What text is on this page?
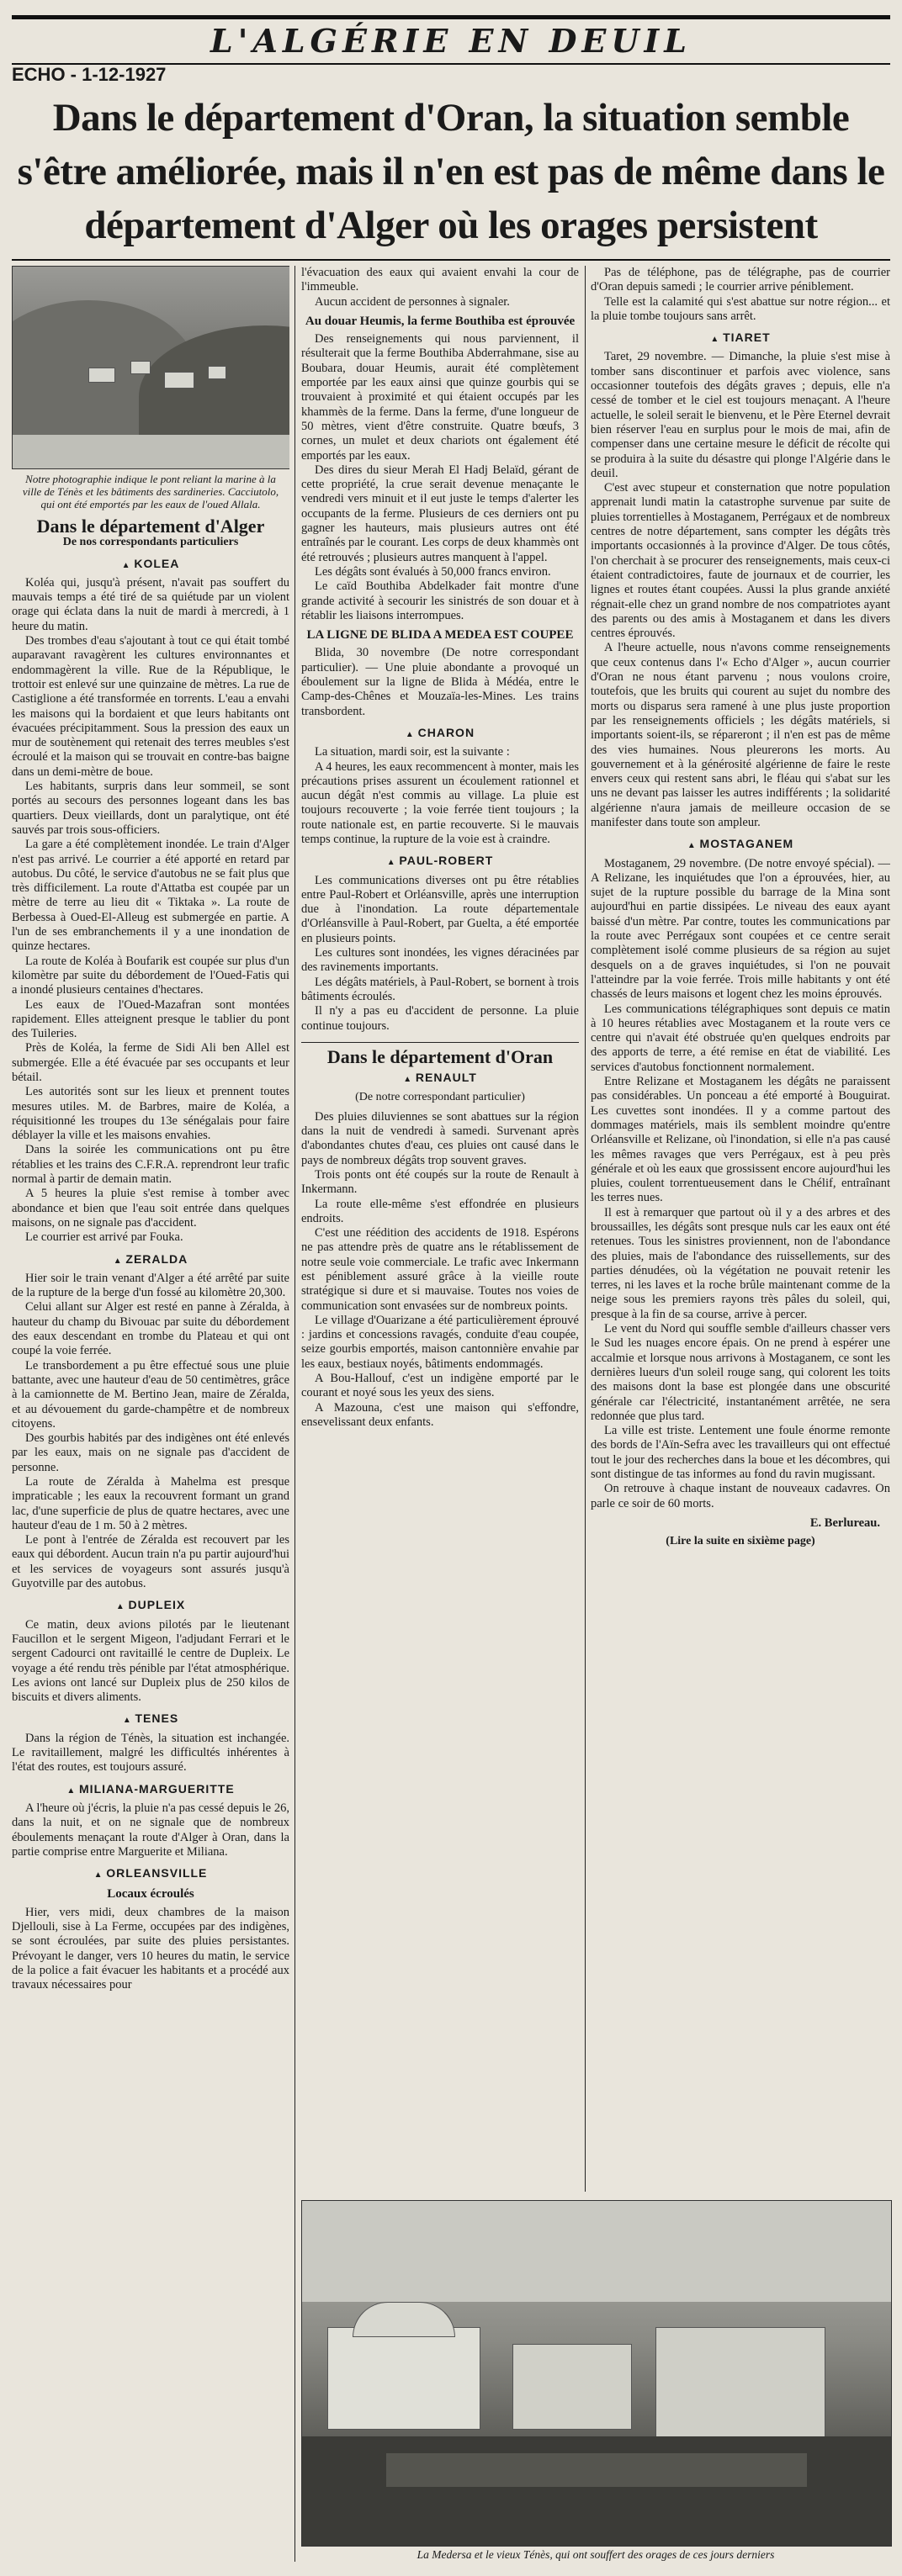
L'ALGÉRIE EN DEUIL
ECHO - 1-12-1927
Dans le département d'Oran, la situation semble s'être améliorée, mais il n'en est pas de même dans le département d'Alger où les orages persistent
Notre photographie indique le pont reliant la marine à la ville de Ténès et les bâtiments des sardineries. Cacciutolo, qui ont été emportés par les eaux de l'oued Allala.
Dans le département d'Alger
De nos correspondants particuliers
▲ KOLEA

Koléa qui, jusqu'à présent, n'avait pas souffert du mauvais temps a été tiré de sa quiétude par un violent orage qui éclata dans la nuit de mardi à mercredi, à 1 heure du matin.

Des trombes d'eau s'ajoutant à tout ce qui était tombé auparavant ravagèrent les cultures environnantes et endommagèrent la ville. Rue de la République, le trottoir est enlevé sur une quinzaine de mètres. La rue de Castiglione a été transformée en torrents. L'eau a envahi les maisons qui la bordaient et que leurs habitants ont évacuées précipitamment. Sous la pression des eaux un mur de soutènement qui retenait des terres meubles s'est écroulé et la maison qui se trouvait en contre-bas baigne dans un demi-mètre de boue.

Les habitants, surpris dans leur sommeil, se sont portés au secours des personnes logeant dans les bas quartiers. Deux vieillards, dont un paralytique, ont été sauvés par trois sous-officiers.

La gare a été complètement inondée. Le train d'Alger n'est pas arrivé. Le courrier a été apporté en retard par autobus. Du côté, le service d'autobus ne se fait plus que très difficilement. La route d'Attatba est coupée par un mètre de terre au lieu dit « Tiktaka ». La route de Berbessa à Oued-El-Alleug est submergée en partie. A l'un de ses embranchements il y a une inondation de quinze hectares.

La route de Koléa à Boufarik est coupée sur plus d'un kilomètre par suite du débordement de l'Oued-Fatis qui a inondé plusieurs centaines d'hectares.

Les eaux de l'Oued-Mazafran sont montées rapidement. Elles atteignent presque le tablier du pont des Tuileries.

Près de Koléa, la ferme de Sidi Ali ben Allel est submergée. Elle a été évacuée par ses occupants et leur bétail.

Les autorités sont sur les lieux et prennent toutes mesures utiles. M. de Barbres, maire de Koléa, a réquisitionné les troupes du 13e sénégalais pour faire déblayer la ville et les maisons envahies.

Dans la soirée les communications ont pu être rétablies et les trains des C.F.R.A. reprendront leur trafic normal à partir de demain matin.

A 5 heures la pluie s'est remise à tomber avec abondance et bien que l'eau soit entrée dans quelques maisons, on ne signale pas d'accident.

Le courrier est arrivé par Fouka.

▲ ZERALDA

Hier soir le train venant d'Alger a été arrêté par suite de la rupture de la berge d'un fossé au kilomètre 20,300.

Celui allant sur Alger est resté en panne à Zéralda, à hauteur du champ du Bivouac par suite du débordement des eaux descendant en trombe du Plateau et qui ont coupé la voie ferrée.

Le transbordement a pu être effectué sous une pluie battante, avec une hauteur d'eau de 50 centimètres, grâce à la camionnette de M. Bertino Jean, maire de Zéralda, et au dévouement du garde-champêtre et de nombreux citoyens.

Des gourbis habités par des indigènes ont été enlevés par les eaux, mais on ne signale pas d'accident de personne.

La route de Zéralda à Mahelma est presque impraticable ; les eaux la recouvrent formant un grand lac, d'une superficie de plus de quatre hectares, avec une hauteur d'eau de 1 m. 50 à 2 mètres.

Le pont à l'entrée de Zéralda est recouvert par les eaux qui débordent. Aucun train n'a pu partir aujourd'hui et les services de voyageurs sont assurés jusqu'à Guyotville par des autobus.

▲ DUPLEIX

Ce matin, deux avions pilotés par le lieutenant Faucillon et le sergent Migeon, l'adjudant Ferrari et le sergent Cadourci ont ravitaillé le centre de Dupleix. Le voyage a été rendu très pénible par l'état atmosphérique. Les avions ont lancé sur Dupleix plus de 250 kilos de biscuits et divers aliments.

▲ TENES

Dans la région de Ténès, la situation est inchangée. Le ravitaillement, malgré les difficultés inhérentes à l'état des routes, est toujours assuré.

▲ MILIANA-MARGUERITTE

A l'heure où j'écris, la pluie n'a pas cessé depuis le 26, dans la nuit, et on ne signale que de nombreux éboulements menaçant la route d'Alger à Oran, dans la partie comprise entre Marguerite et Miliana.

▲ ORLEANSVILLE
Locaux écroulés

Hier, vers midi, deux chambres de la maison Djellouli, sise à La Ferme, occupées par des indigènes, se sont écroulées, par suite des pluies persistantes. Prévoyant le danger, vers 10 heures du matin, le service de la police a fait évacuer les habitants et a procédé aux travaux nécessaires pour

l'évacuation des eaux qui avaient envahi la cour de l'immeuble.

Aucun accident de personnes à signaler.

Au douar Heumis, la ferme Bouthiba est éprouvée

Des renseignements qui nous parviennent, il résulterait que la ferme Bouthiba Abderrahmane, sise au Boubara, douar Heumis, aurait été complètement emportée par les eaux ainsi que quinze gourbis qui se trouvaient à proximité et qui étaient occupés par les khammès de la ferme. Dans la ferme, d'une longueur de 50 mètres, vient d'être construite. Quatre bœufs, 3 cornes, un mulet et deux chariots ont également été emportés par les eaux.

Des dires du sieur Merah El Hadj Belaïd, gérant de cette propriété, la crue serait devenue menaçante le vendredi vers minuit et il eut juste le temps d'alerter les occupants de la ferme. Plusieurs de ces derniers ont pu gagner les hauteurs, mais plusieurs autres ont été entraînés par le courant. Les corps de deux khammès ont été retrouvés ; plusieurs autres manquent à l'appel.

Les dégâts sont évalués à 50,000 francs environ.

Le caïd Bouthiba Abdelkader fait montre d'une grande activité à secourir les sinistrés de son douar et à rétablir les liaisons interrompues.

LA LIGNE DE BLIDA A MEDEA EST COUPEE

Blida, 30 novembre (De notre correspondant particulier). — Une pluie abondante a provoqué un éboulement sur la ligne de Blida à Médéa, entre le Camp-des-Chênes et Mouzaïa-les-Mines. Les trains transbordent.

▲ CHARON

La situation, mardi soir, est la suivante :

A 4 heures, les eaux recommencent à monter, mais les précautions prises assurent un écoulement rationnel et aucun dégât n'est commis au village. La pluie est toujours recouverte ; la voie ferrée tient toujours ; la route nationale est, en partie recouverte. Si le mauvais temps continue, la rupture de la voie est à craindre.

▲ PAUL-ROBERT

Les communications diverses ont pu être rétablies entre Paul-Robert et Orléansville, après une interruption due à l'inondation. La route départementale d'Orléansville à Paul-Robert, par Guelta, a été emportée en plusieurs points.

Les cultures sont inondées, les vignes déracinées par des ravinements importants.

Les dégâts matériels, à Paul-Robert, se bornent à trois bâtiments écroulés.

Il n'y a pas eu d'accident de personne. La pluie continue toujours.

Dans le département d'Oran
▲ RENAULT
(De notre correspondant particulier)

Des pluies diluviennes se sont abattues sur la région dans la nuit de vendredi à samedi. Survenant après d'abondantes chutes d'eau, ces pluies ont causé dans le pays de nombreux dégâts trop souvent graves.

Trois ponts ont été coupés sur la route de Renault à Inkermann.

La route elle-même s'est effondrée en plusieurs endroits.

C'est une réédition des accidents de 1918. Espérons ne pas attendre près de quatre ans le rétablissement de notre seule voie commerciale. Le trafic avec Inkermann est péniblement assuré grâce à la vieille route stratégique si dure et si mauvaise. Toutes nos voies de communication sont envasées sur de nombreux points.

Le village d'Ouarizane a été particulièrement éprouvé : jardins et concessions ravagés, conduite d'eau coupée, seize gourbis emportés, maison cantonnière envahie par les eaux, bestiaux noyés, bâtiments endommagés.

A Bou-Hallouf, c'est un indigène emporté par le courant et noyé sous les yeux des siens.

A Mazouna, c'est une maison qui s'effondre, ensevelissant deux enfants.

Pas de téléphone, pas de télégraphe, pas de courrier d'Oran depuis samedi ; le courrier arrive péniblement.

Telle est la calamité qui s'est abattue sur notre région... et la pluie tombe toujours sans arrêt.

▲ TIARET

Taret, 29 novembre. — Dimanche, la pluie s'est mise à tomber sans discontinuer et parfois avec violence, sans occasionner toutefois des dégâts graves ; depuis, elle n'a cessé de tomber et le ciel est toujours menaçant. A l'heure actuelle, le soleil serait le bienvenu, et le Père Eternel devrait bien réserver l'eau en surplus pour le mois de mai, afin de compenser dans une certaine mesure le déficit de récolte qui se produira à la suite du désastre qui plonge l'Algérie dans le deuil.

C'est avec stupeur et consternation que notre population apprenait lundi matin la catastrophe survenue par suite de pluies torrentielles à Mostaganem, Perrégaux et de nombreux centres de notre département, sans compter les dégâts très importants occasionnés à la province d'Alger. De tous côtés, l'on cherchait à se procurer des renseignements, mais ceux-ci étaient contradictoires, faute de journaux et de courrier, les lignes et routes étant coupées. Aussi la plus grande anxiété régnait-elle chez un grand nombre de nos compatriotes ayant des parents ou des amis à Mostaganem et dans les divers centres éprouvés.

A l'heure actuelle, nous n'avons comme renseignements que ceux contenus dans l'« Echo d'Alger », aucun courrier d'Oran ne nous étant parvenu ; nous voulons croire, toutefois, que les bruits qui courent au sujet du nombre des morts ou disparus sera ramené à une plus juste proportion par les renseignements officiels ; les dégâts matériels, si importants soient-ils, se répareront ; il n'en est pas de même des vies humaines. Nous pleurerons les morts. Au gouvernement et à la générosité algérienne de faire le reste envers ceux qui restent sans abri, le fléau qui s'abat sur les uns ne devant pas laisser les autres indifférents ; la solidarité algérienne n'aura jamais de meilleure occasion de se manifester dans toute son ampleur.

▲ MOSTAGANEM

Mostaganem, 29 novembre. (De notre envoyé spécial). — A Relizane, les inquiétudes que l'on a éprouvées, hier, au sujet de la rupture possible du barrage de la Mina sont aujourd'hui en partie dissipées. Le niveau des eaux ayant baissé d'un mètre. Par contre, toutes les communications par la route avec Perrégaux sont coupées et ce centre serait complètement isolé comme plusieurs de sa région au sujet desquels on a de graves inquiétudes, si l'on ne pouvait l'atteindre par la voie ferrée. Trois mille habitants y ont été chassés de leurs maisons et logent chez les moins éprouvés.

Les communications télégraphiques sont depuis ce matin à 10 heures rétablies avec Mostaganem et la route vers ce centre qui n'avait été obstruée qu'en quelques endroits par des apports de terre, a été remise en état de viabilité. Les services d'autobus fonctionnent normalement.

Entre Relizane et Mostaganem les dégâts ne paraissent pas considérables. Un ponceau a été emporté à Bouguirat. Les cuvettes sont inondées. Il y a comme partout des dommages matériels, mais ils semblent moindre qu'entre Orléansville et Relizane, où l'inondation, si elle n'a pas causé les mêmes ravages que vers Perrégaux, est à peu près générale et où les eaux que grossissent encore aujourd'hui les pluies, coulent torrentueusement dans le Chélif, entraînant les terres nues.

Il est à remarquer que partout où il y a des arbres et des broussailles, les dégâts sont presque nuls car les eaux ont été retenues. Tous les sinistres proviennent, non de l'abondance des pluies, mais de l'abondance des ruissellements, sur des parties dénudées, où la végétation ne pouvait retenir les terres, ni les laves et la roche brûle maintenant comme de la neige sous les premiers rayons très pâles du soleil, qui, presque à la fin de sa course, arrive à percer.

Le vent du Nord qui souffle semble d'ailleurs chasser vers le Sud les nuages encore épais. On ne prend à espérer une accalmie et lorsque nous arrivons à Mostaganem, ce sont les dernières lueurs d'un soleil rouge sang, qui colorent les toits des maisons dont la base est plongée dans une obscurité générale car l'électricité, instantanément arrêtée, ne sera redonnée que plus tard.

La ville est triste. Lentement une foule énorme remonte des bords de l'Aïn-Sefra avec les travailleurs qui ont effectué tout le jour des recherches dans la boue et les décombres, qui sont distingue de tas informes au fond du ravin mugissant.

On retrouve à chaque instant de nouveaux cadavres. On parle ce soir de 60 morts.

E. Berlureau.
(Lire la suite en sixième page)
La Medersa et le vieux Ténès, qui ont souffert des orages de ces jours derniers
